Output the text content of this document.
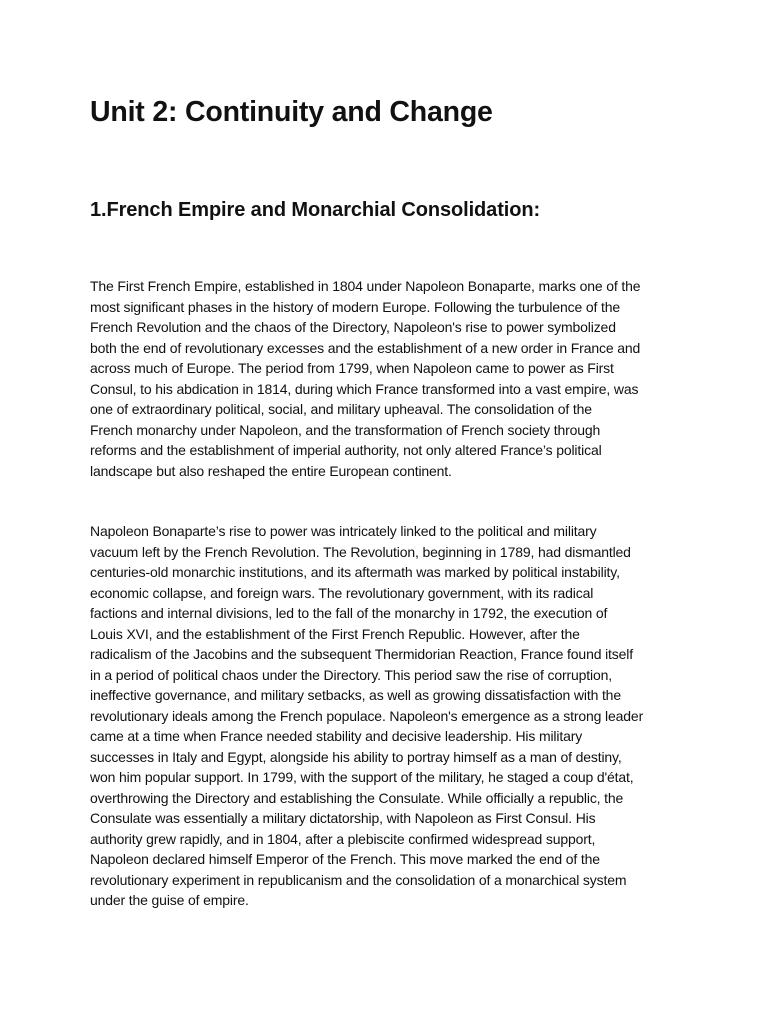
Unit 2: Continuity and Change
1.French Empire and Monarchial Consolidation:

The First French Empire, established in 1804 under Napoleon Bonaparte, marks one of the
most significant phases in the history of modern Europe. Following the turbulence of the
French Revolution and the chaos of the Directory, Napoleon's rise to power symbolized
both the end of revolutionary excesses and the establishment of a new order in France and
across much of Europe. The period from 1799, when Napoleon came to power as First
Consul, to his abdication in 1814, during which France transformed into a vast empire, was
one of extraordinary political, social, and military upheaval. The consolidation of the
French monarchy under Napoleon, and the transformation of French society through
reforms and the establishment of imperial authority, not only altered France’s political
landscape but also reshaped the entire European continent.

Napoleon Bonaparte’s rise to power was intricately linked to the political and military
vacuum left by the French Revolution. The Revolution, beginning in 1789, had dismantled
centuries-old monarchic institutions, and its aftermath was marked by political instability,
economic collapse, and foreign wars. The revolutionary government, with its radical
factions and internal divisions, led to the fall of the monarchy in 1792, the execution of
Louis XVI, and the establishment of the First French Republic. However, after the
radicalism of the Jacobins and the subsequent Thermidorian Reaction, France found itself
in a period of political chaos under the Directory. This period saw the rise of corruption,
ineffective governance, and military setbacks, as well as growing dissatisfaction with the
revolutionary ideals among the French populace. Napoleon's emergence as a strong leader
came at a time when France needed stability and decisive leadership. His military
successes in Italy and Egypt, alongside his ability to portray himself as a man of destiny,
won him popular support. In 1799, with the support of the military, he staged a coup d'état,
overthrowing the Directory and establishing the Consulate. While officially a republic, the
Consulate was essentially a military dictatorship, with Napoleon as First Consul. His
authority grew rapidly, and in 1804, after a plebiscite confirmed widespread support,
Napoleon declared himself Emperor of the French. This move marked the end of the
revolutionary experiment in republicanism and the consolidation of a monarchical system
under the guise of empire.
